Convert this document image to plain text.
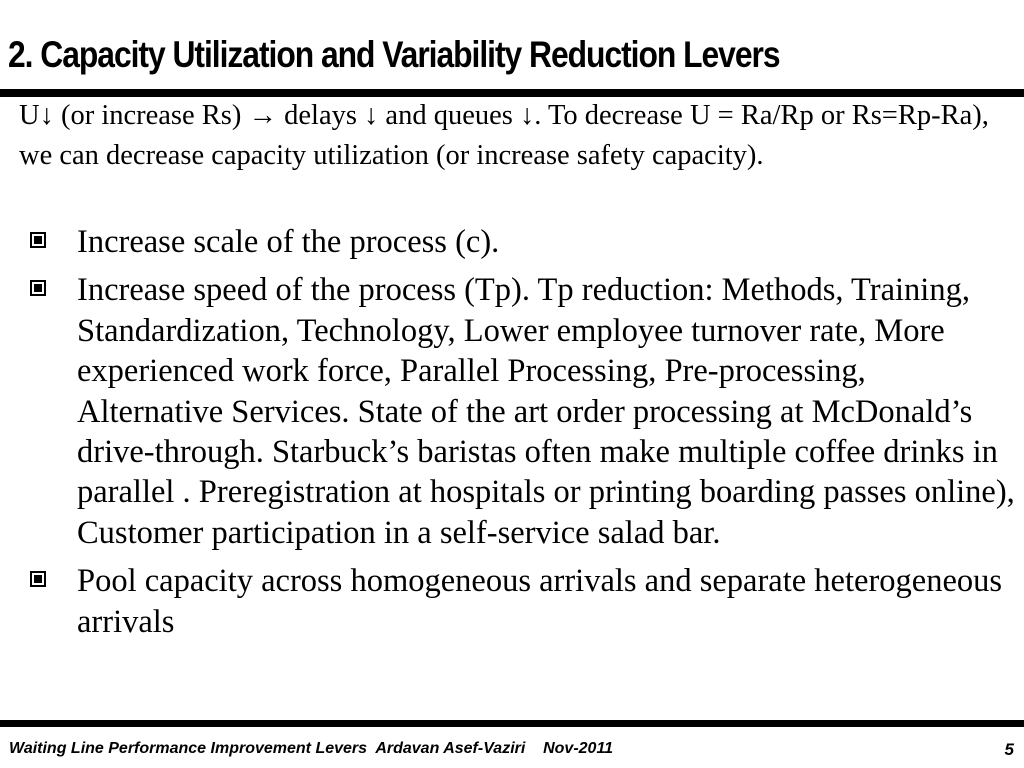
2. Capacity Utilization and Variability Reduction Levers
U↓ (or increase Rs) → delays ↓ and queues ↓. To decrease U = Ra/Rp or Rs=Rp-Ra), we can decrease capacity utilization (or increase safety capacity).
Increase scale of the process (c).
Increase speed of the process (Tp). Tp reduction: Methods, Training, Standardization, Technology, Lower employee turnover rate, More experienced work force, Parallel Processing, Pre-processing, Alternative Services. State of the art order processing at McDonald’s drive-through. Starbuck’s baristas often make multiple coffee drinks in parallel . Preregistration at hospitals or printing boarding passes online), Customer participation in a self-service salad bar.
Pool capacity across homogeneous arrivals and separate heterogeneous arrivals
Waiting Line Performance Improvement Levers  Ardavan Asef-Vaziri    Nov-2011	5
